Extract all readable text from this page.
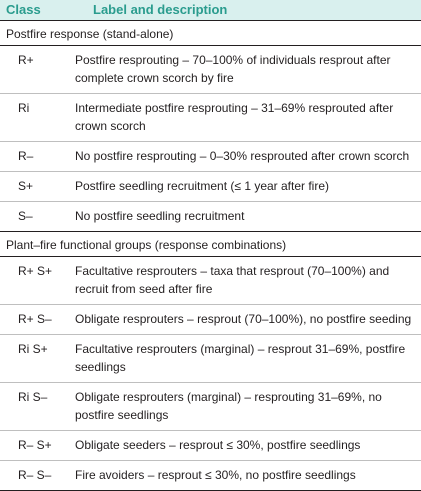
Class	Label and description
Postfire response (stand-alone)	
R+	Postfire resprouting – 70–100% of individuals resprout after complete crown scorch by fire
Ri	Intermediate postfire resprouting – 31–69% resprouted after crown scorch
R–	No postfire resprouting – 0–30% resprouted after crown scorch
S+	Postfire seedling recruitment (≤ 1 year after fire)
S–	No postfire seedling recruitment
Plant–fire functional groups (response combinations)	
R+ S+	Facultative resprouters – taxa that resprout (70–100%) and recruit from seed after fire
R+ S–	Obligate resprouters – resprout (70–100%), no postfire seeding
Ri S+	Facultative resprouters (marginal) – resprout 31–69%, postfire seedlings
Ri S–	Obligate resprouters (marginal) – resprouting 31–69%, no postfire seedlings
R– S+	Obligate seeders – resprout ≤ 30%, postfire seedlings
R– S–	Fire avoiders – resprout ≤ 30%, no postfire seedlings
